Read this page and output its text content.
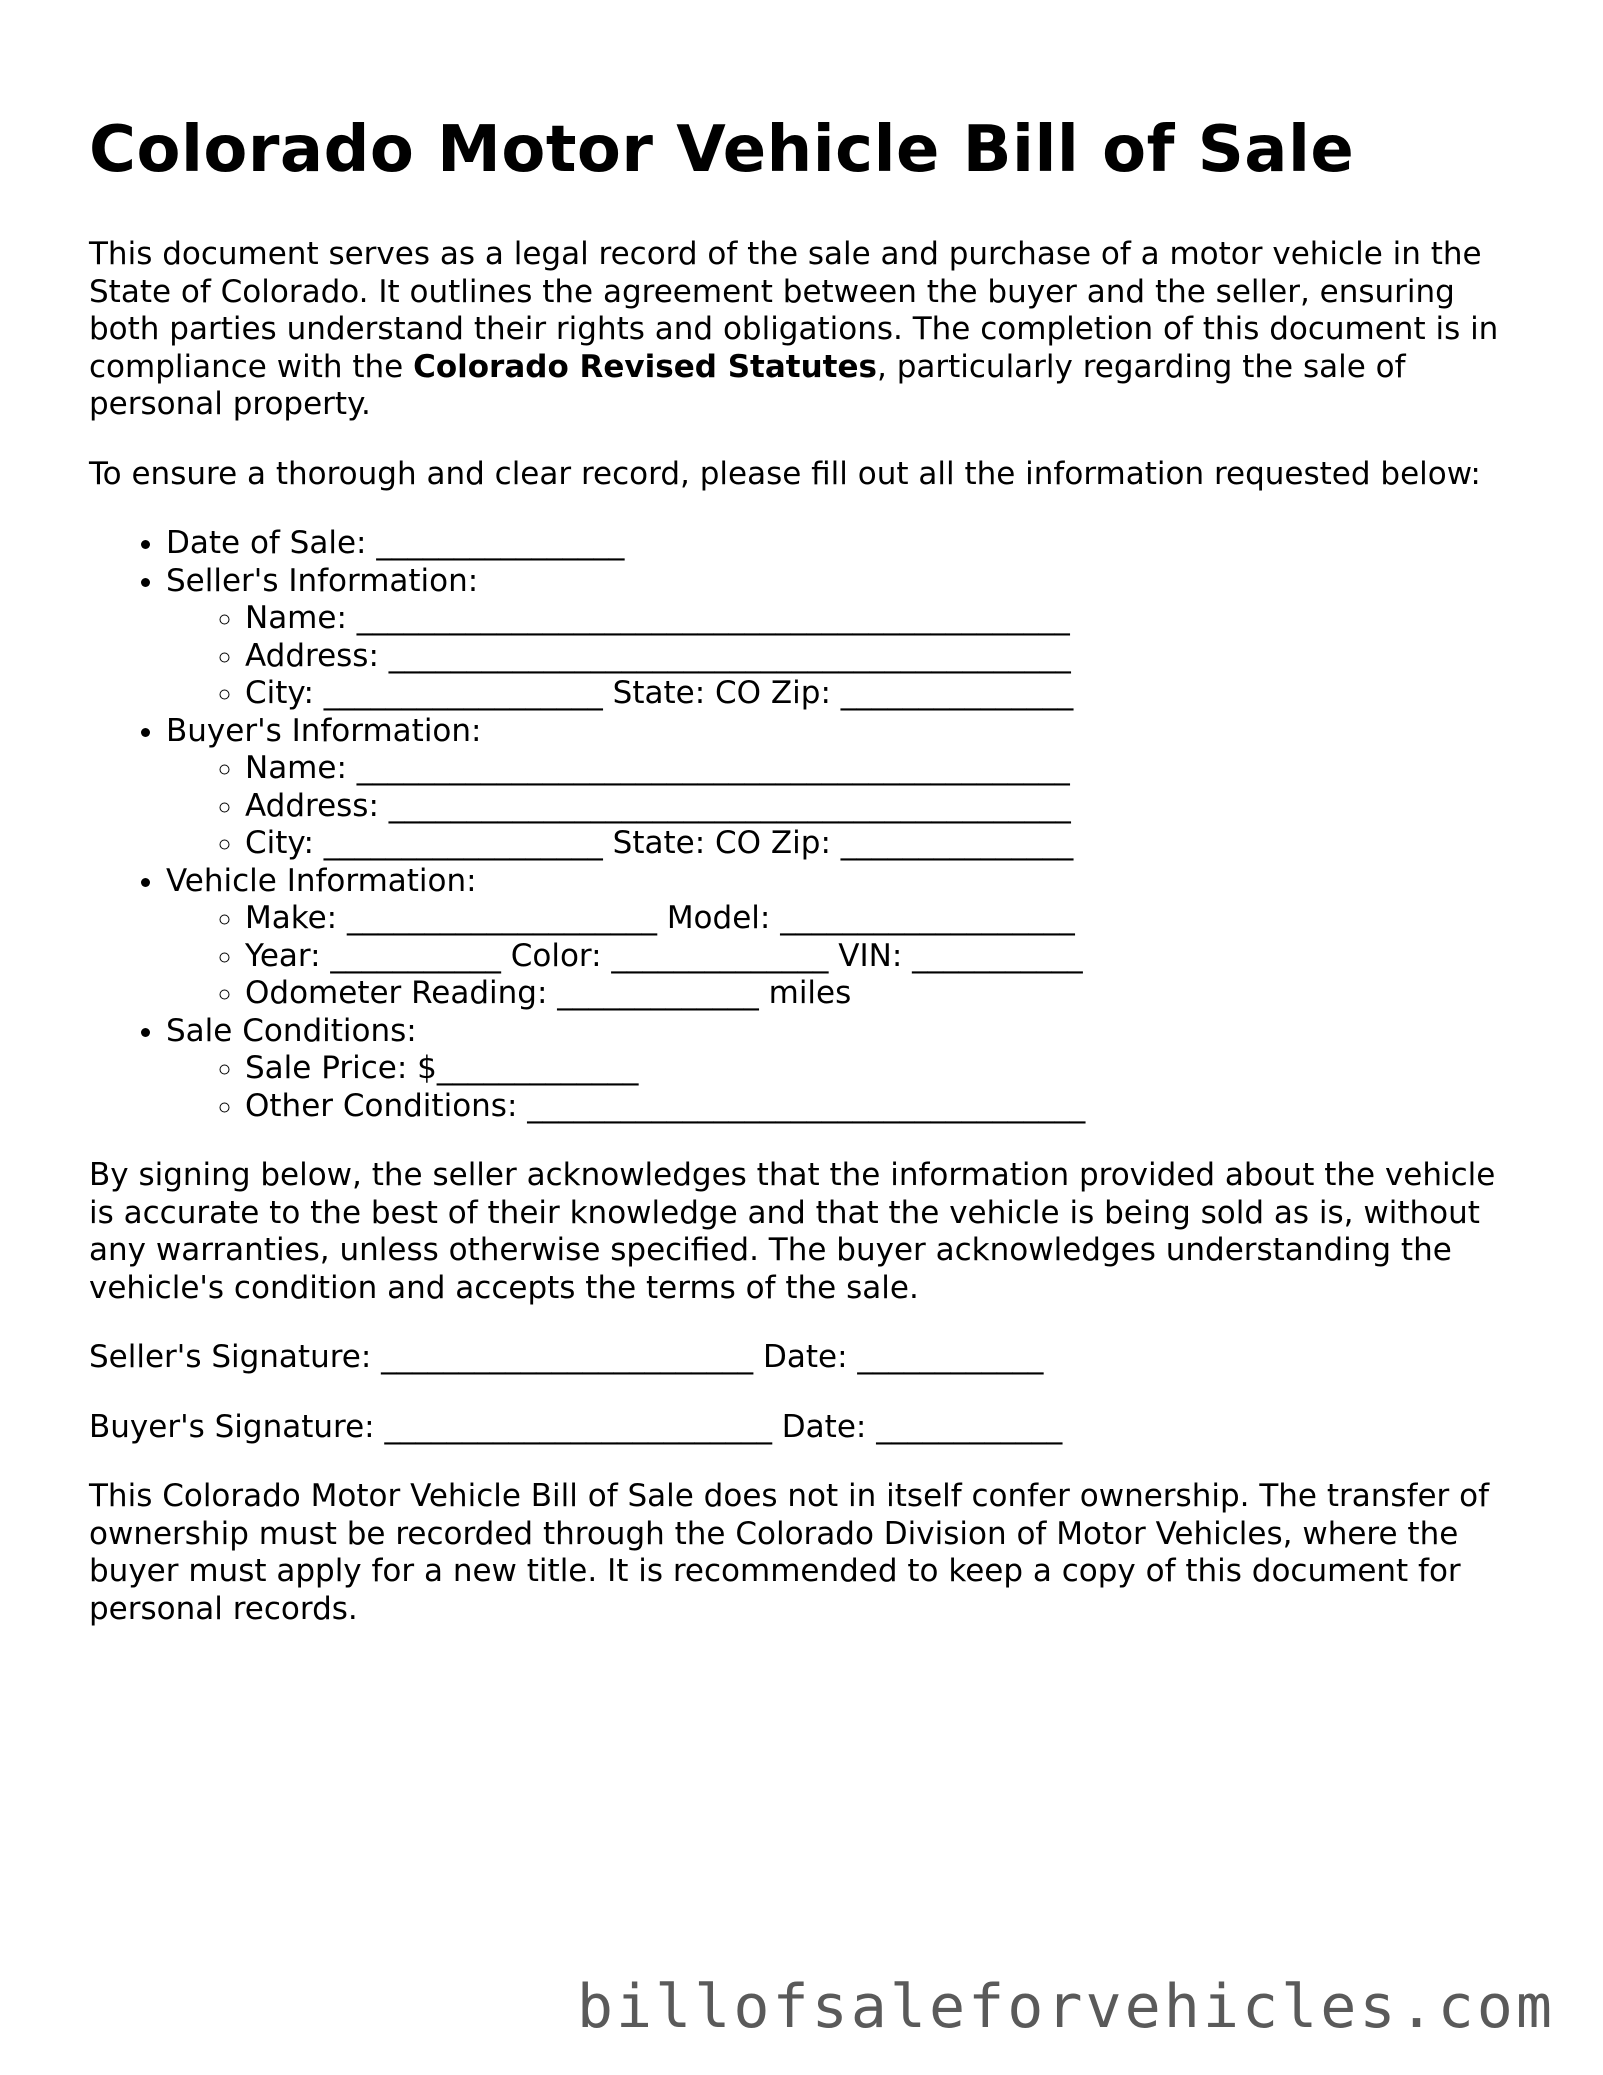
Colorado Motor Vehicle Bill of Sale

This document serves as a legal record of the sale and purchase of a motor vehicle in the State of Colorado. It outlines the agreement between the buyer and the seller, ensuring both parties understand their rights and obligations. The completion of this document is in compliance with the Colorado Revised Statutes, particularly regarding the sale of personal property.

To ensure a thorough and clear record, please fill out all the information requested below:

• Date of Sale: ________________
• Seller's Information:
◦ Name: ______________________________________________
◦ Address: ____________________________________________
◦ City: __________________ State: CO Zip: _______________
• Buyer's Information:
◦ Name: ______________________________________________
◦ Address: ____________________________________________
◦ City: __________________ State: CO Zip: _______________
• Vehicle Information:
◦ Make: ____________________ Model: ___________________
◦ Year: ___________ Color: ______________ VIN: ___________
◦ Odometer Reading: _____________ miles
• Sale Conditions:
◦ Sale Price: $_____________
◦ Other Conditions: ____________________________________

By signing below, the seller acknowledges that the information provided about the vehicle is accurate to the best of their knowledge and that the vehicle is being sold as is, without any warranties, unless otherwise specified. The buyer acknowledges understanding the vehicle's condition and accepts the terms of the sale.

Seller's Signature: ________________________ Date: ____________

Buyer's Signature: _________________________ Date: ____________

This Colorado Motor Vehicle Bill of Sale does not in itself confer ownership. The transfer of ownership must be recorded through the Colorado Division of Motor Vehicles, where the buyer must apply for a new title. It is recommended to keep a copy of this document for personal records.

billofsaleforvehicles.com
